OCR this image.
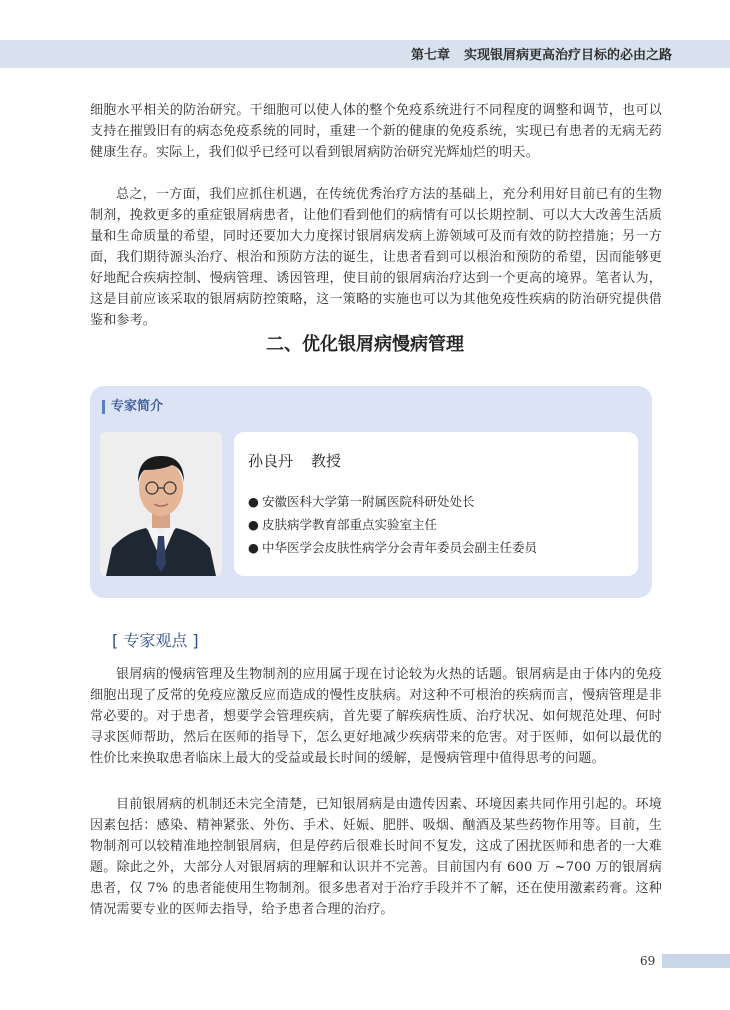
第七章 实现银屑病更高治疗目标的必由之路

细胞水平相关的防治研究。干细胞可以使人体的整个免疫系统进行不同程度的调整和调节，也可以支持在摧毁旧有的病态免疫系统的同时，重建一个新的健康的免疫系统，实现已有患者的无病无药健康生存。实际上，我们似乎已经可以看到银屑病防治研究光辉灿烂的明天。

总之，一方面，我们应抓住机遇，在传统优秀治疗方法的基础上，充分利用好目前已有的生物制剂，挽救更多的重症银屑病患者，让他们看到他们的病情有可以长期控制、可以大大改善生活质量和生命质量的希望，同时还要加大力度探讨银屑病发病上游领域可及而有效的防控措施；另一方面，我们期待源头治疗、根治和预防方法的诞生，让患者看到可以根治和预防的希望，因而能够更好地配合疾病控制、慢病管理、诱因管理，使目前的银屑病治疗达到一个更高的境界。笔者认为，这是目前应该采取的银屑病防控策略，这一策略的实施也可以为其他免疫性疾病的防治研究提供借鉴和参考。

二、优化银屑病慢病管理
专家简介
孙良丹 教授
● 安徽医科大学第一附属医院科研处处长
● 皮肤病学教育部重点实验室主任
● 中华医学会皮肤性病学分会青年委员会副主任委员
[ 专家观点 ]

银屑病的慢病管理及生物制剂的应用属于现在讨论较为火热的话题。银屑病是由于体内的免疫细胞出现了反常的免疫应激反应而造成的慢性皮肤病。对这种不可根治的疾病而言，慢病管理是非常必要的。对于患者，想要学会管理疾病，首先要了解疾病性质、治疗状况、如何规范处理、何时寻求医师帮助，然后在医师的指导下，怎么更好地减少疾病带来的危害。对于医师，如何以最优的性价比来换取患者临床上最大的受益或最长时间的缓解，是慢病管理中值得思考的问题。

目前银屑病的机制还未完全清楚，已知银屑病是由遗传因素、环境因素共同作用引起的。环境因素包括：感染、精神紧张、外伤、手术、妊娠、肥胖、吸烟、酗酒及某些药物作用等。目前，生物制剂可以较精准地控制银屑病，但是停药后很难长时间不复发，这成了困扰医师和患者的一大难题。除此之外，大部分人对银屑病的理解和认识并不完善。目前国内有 600 万 ~700 万的银屑病患者，仅 7% 的患者能使用生物制剂。很多患者对于治疗手段并不了解，还在使用激素药膏。这种情况需要专业的医师去指导，给予患者合理的治疗。

69
